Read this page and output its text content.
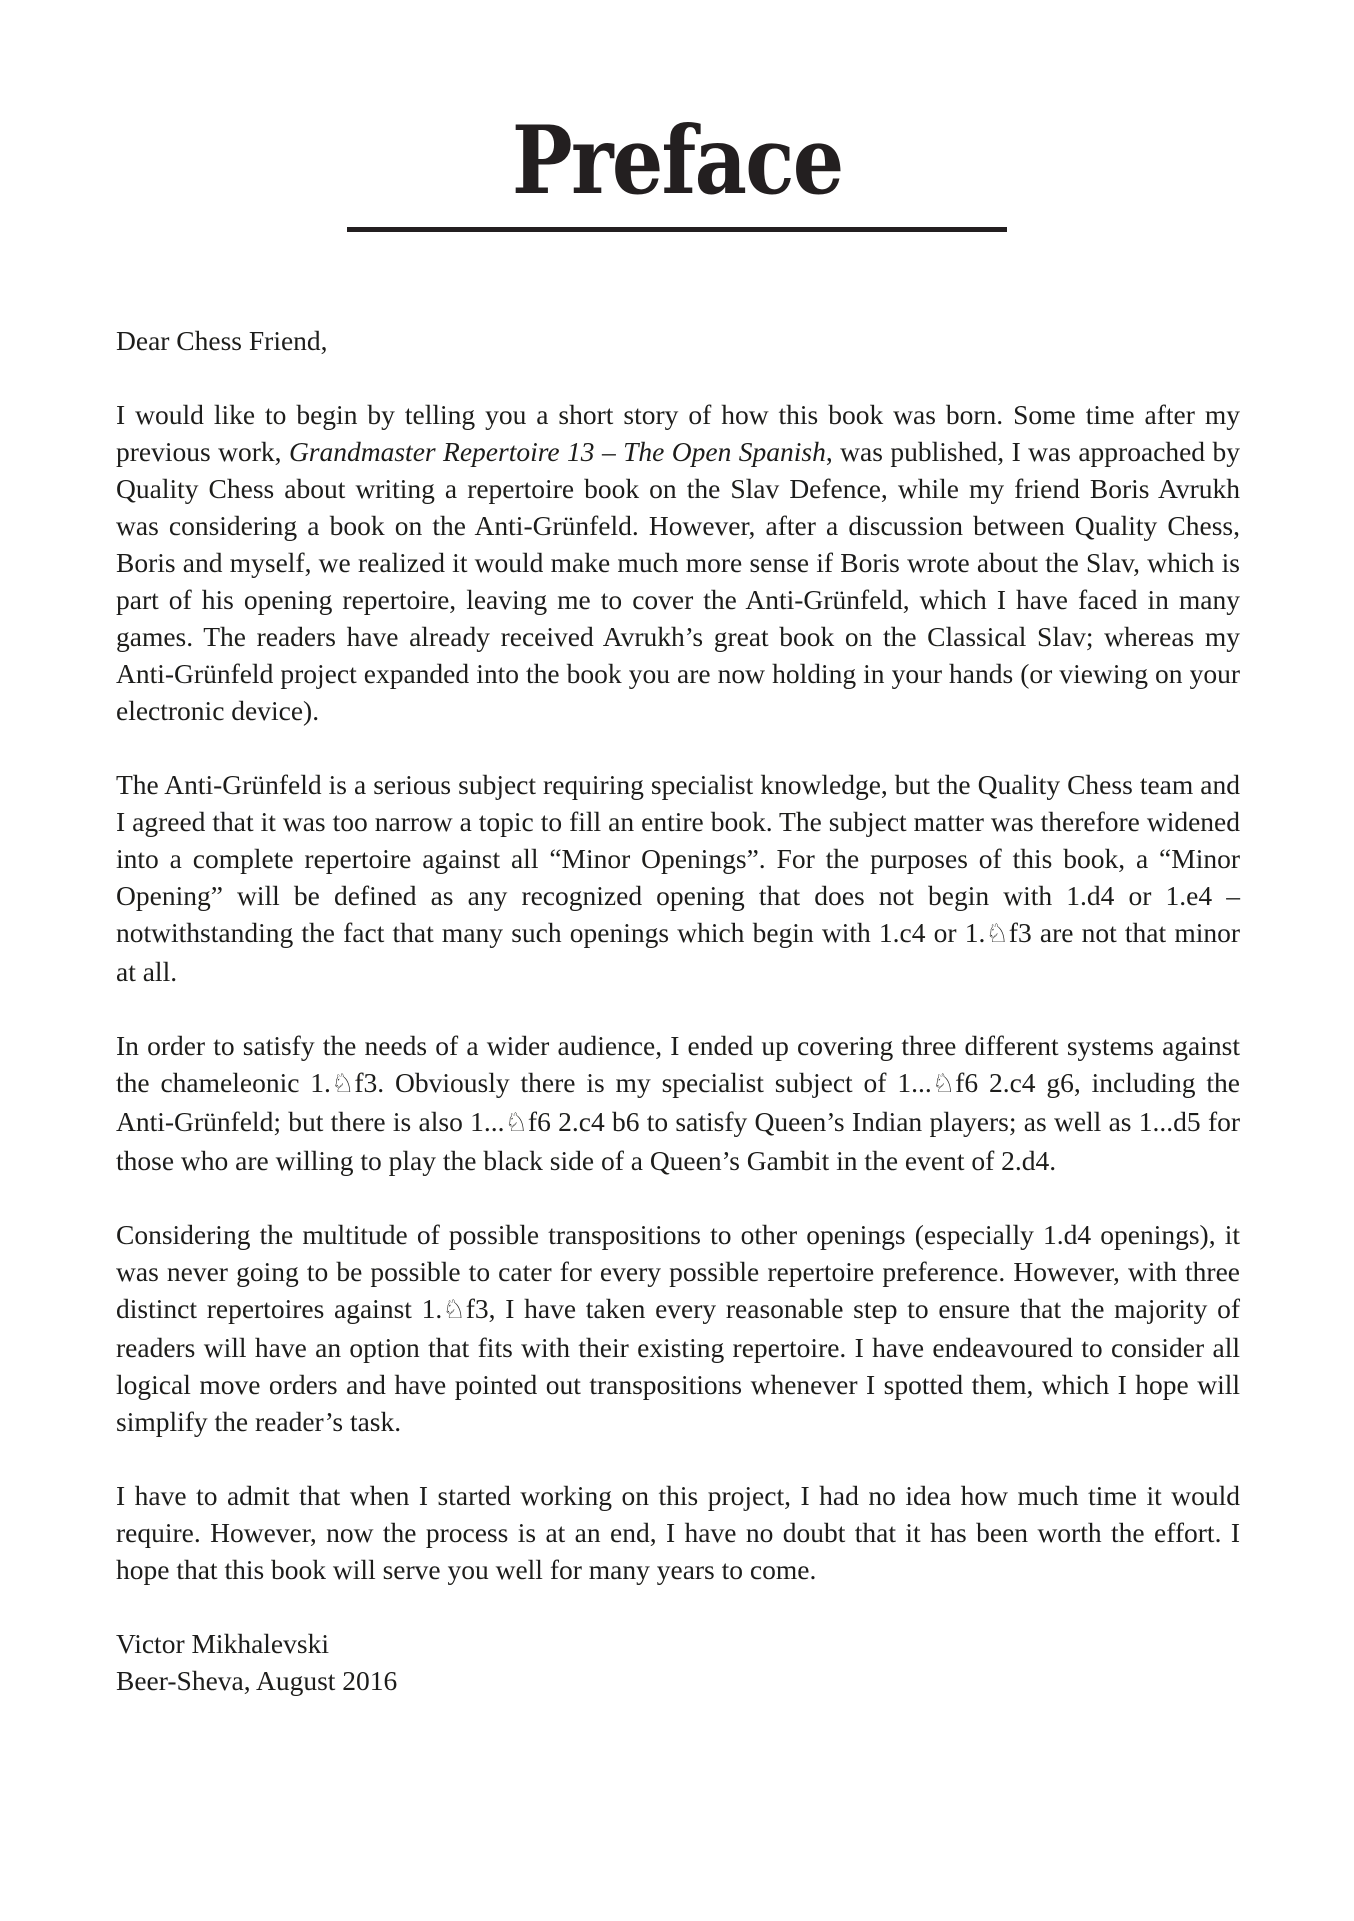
Preface

Dear Chess Friend,

I would like to begin by telling you a short story of how this book was born. Some time after my previous work, Grandmaster Repertoire 13 – The Open Spanish, was published, I was approached by Quality Chess about writing a repertoire book on the Slav Defence, while my friend Boris Avrukh was considering a book on the Anti-Grünfeld. However, after a discussion between Quality Chess, Boris and myself, we realized it would make much more sense if Boris wrote about the Slav, which is part of his opening repertoire, leaving me to cover the Anti-Grünfeld, which I have faced in many games. The readers have already received Avrukh’s great book on the Classical Slav; whereas my Anti-Grünfeld project expanded into the book you are now holding in your hands (or viewing on your electronic device).

The Anti-Grünfeld is a serious subject requiring specialist knowledge, but the Quality Chess team and I agreed that it was too narrow a topic to fill an entire book. The subject matter was therefore widened into a complete repertoire against all “Minor Openings”. For the purposes of this book, a “Minor Opening” will be defined as any recognized opening that does not begin with 1.d4 or 1.e4 – notwithstanding the fact that many such openings which begin with 1.c4 or 1.♘f3 are not that minor at all.

In order to satisfy the needs of a wider audience, I ended up covering three different systems against the chameleonic 1.♘f3. Obviously there is my specialist subject of 1...♘f6 2.c4 g6, including the Anti-Grünfeld; but there is also 1...♘f6 2.c4 b6 to satisfy Queen’s Indian players; as well as 1...d5 for those who are willing to play the black side of a Queen’s Gambit in the event of 2.d4.

Considering the multitude of possible transpositions to other openings (especially 1.d4 openings), it was never going to be possible to cater for every possible repertoire preference. However, with three distinct repertoires against 1.♘f3, I have taken every reasonable step to ensure that the majority of readers will have an option that fits with their existing repertoire. I have endeavoured to consider all logical move orders and have pointed out transpositions whenever I spotted them, which I hope will simplify the reader’s task.

I have to admit that when I started working on this project, I had no idea how much time it would require. However, now the process is at an end, I have no doubt that it has been worth the effort. I hope that this book will serve you well for many years to come.

Victor Mikhalevski
Beer-Sheva, August 2016
